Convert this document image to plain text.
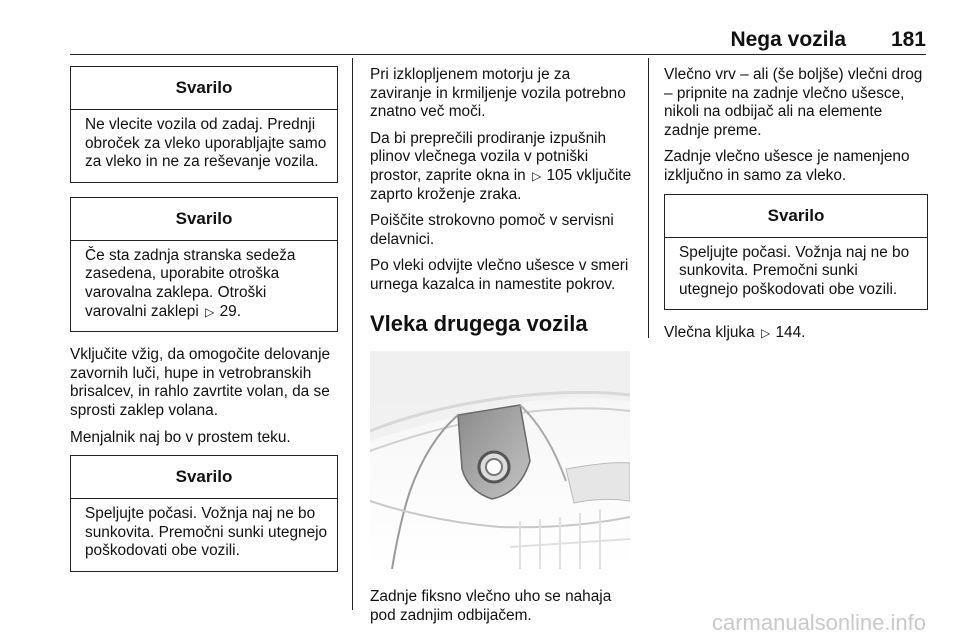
Nega vozila 181
Svarilo
Ne vlecite vozila od zadaj. Prednji obroček za vleko uporabljajte samo za vleko in ne za reševanje vozila.
Svarilo
Če sta zadnja stranska sedeža zasedena, uporabite otroška varovalna zaklepa. Otroški varovalni zaklepi ▷ 29.

Vključite vžig, da omogočite delovanje zavornih luči, hupe in vetrobranskih brisalcev, in rahlo zavrtite volan, da se sprosti zaklep volana.

Menjalnik naj bo v prostem teku.

Svarilo
Speljujte počasi. Vožnja naj ne bo sunkovita. Premočni sunki utegnejo poškodovati obe vozili.

Pri izklopljenem motorju je za zaviranje in krmiljenje vozila potrebno znatno več moči.

Da bi preprečili prodiranje izpušnih plinov vlečnega vozila v potniški prostor, zaprite okna in ▷ 105 vključite zaprto kroženje zraka.

Poiščite strokovno pomoč v servisni delavnici.

Po vleki odvijte vlečno ušesce v smeri urnega kazalca in namestite pokrov.

Vleka drugega vozila

Zadnje fiksno vlečno uho se nahaja pod zadnjim odbijačem.

Vlečno vrv – ali (še boljše) vlečni drog – pripnite na zadnje vlečno ušesce, nikoli na odbijač ali na elemente zadnje preme.

Zadnje vlečno ušesce je namenjeno izključno in samo za vleko.

Svarilo
Speljujte počasi. Vožnja naj ne bo sunkovita. Premočni sunki utegnejo poškodovati obe vozili.

Vlečna kljuka ▷ 144.

carmanualsonline.info
